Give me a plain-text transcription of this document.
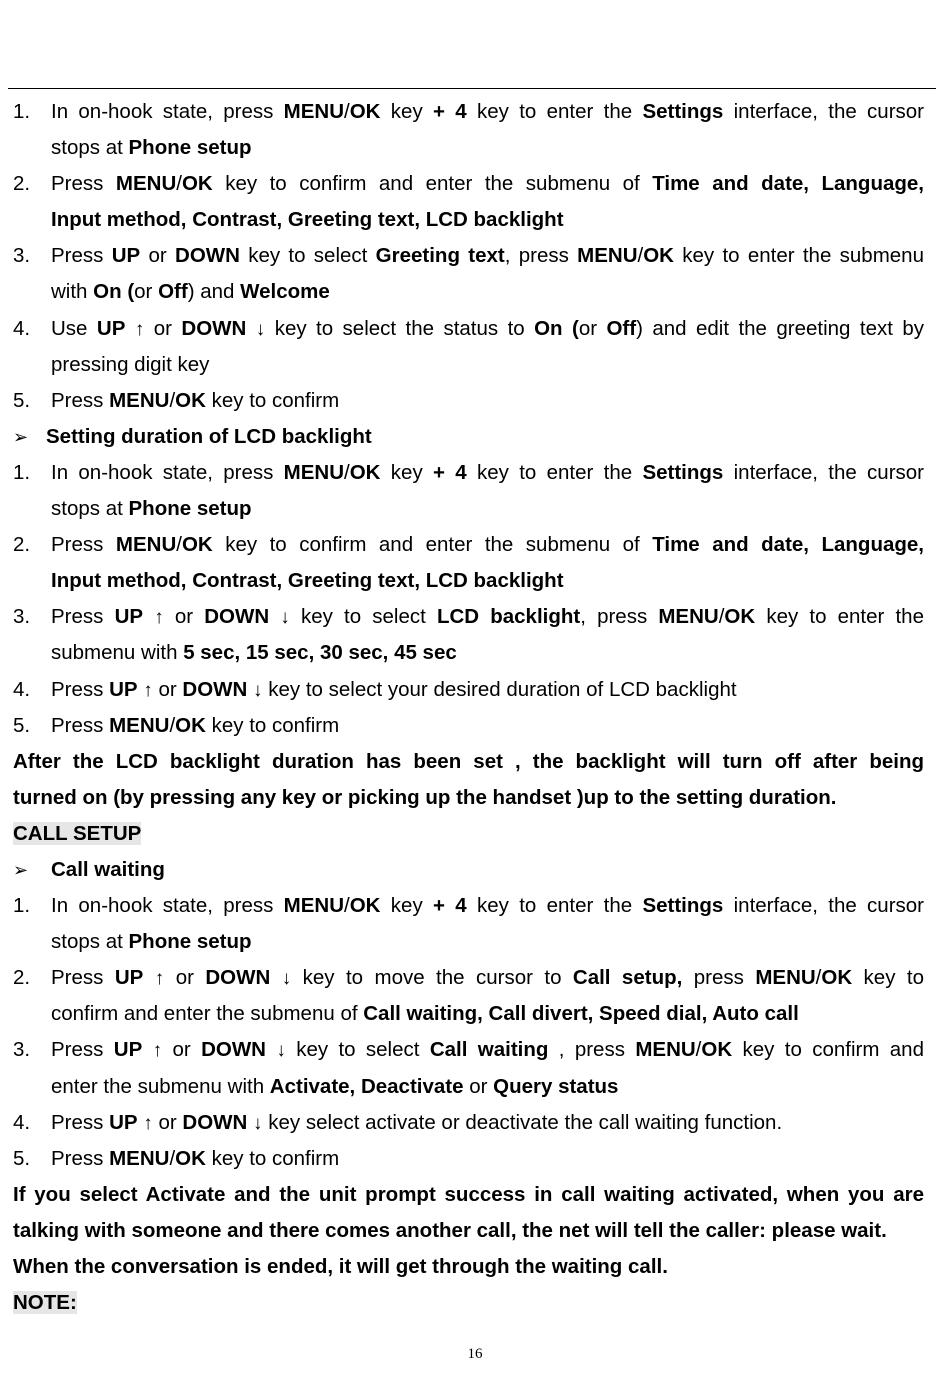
1. In on-hook state, press MENU/OK key + 4 key to enter the Settings interface, the cursor
stops at Phone setup
2. Press MENU/OK key to confirm and enter the submenu of Time and date, Language,
Input method, Contrast, Greeting text, LCD backlight
3. Press UP or DOWN key to select Greeting text, press MENU/OK key to enter the submenu
with On (or Off) and Welcome
4. Use UP ↑ or DOWN ↓ key to select the status to On (or Off) and edit the greeting text by
pressing digit key
5. Press MENU/OK key to confirm
➢ Setting duration of LCD backlight
1. In on-hook state, press MENU/OK key + 4 key to enter the Settings interface, the cursor
stops at Phone setup
2. Press MENU/OK key to confirm and enter the submenu of Time and date, Language,
Input method, Contrast, Greeting text, LCD backlight
3. Press UP ↑ or DOWN ↓ key to select LCD backlight, press MENU/OK key to enter the
submenu with 5 sec, 15 sec, 30 sec, 45 sec
4. Press UP ↑ or DOWN ↓ key to select your desired duration of LCD backlight
5. Press MENU/OK key to confirm
After the LCD backlight duration has been set , the backlight will turn off after being
turned on (by pressing any key or picking up the handset )up to the setting duration.
CALL SETUP
➢ Call waiting
1. In on-hook state, press MENU/OK key + 4 key to enter the Settings interface, the cursor
stops at Phone setup
2. Press UP ↑ or DOWN ↓ key to move the cursor to Call setup, press MENU/OK key to
confirm and enter the submenu of Call waiting, Call divert, Speed dial, Auto call
3. Press UP ↑ or DOWN ↓ key to select Call waiting , press MENU/OK key to confirm and
enter the submenu with Activate, Deactivate or Query status
4. Press UP ↑ or DOWN ↓ key select activate or deactivate the call waiting function.
5. Press MENU/OK key to confirm
If you select Activate and the unit prompt success in call waiting activated, when you are
talking with someone and there comes another call, the net will tell the caller: please wait.
When the conversation is ended, it will get through the waiting call.
NOTE:
16
